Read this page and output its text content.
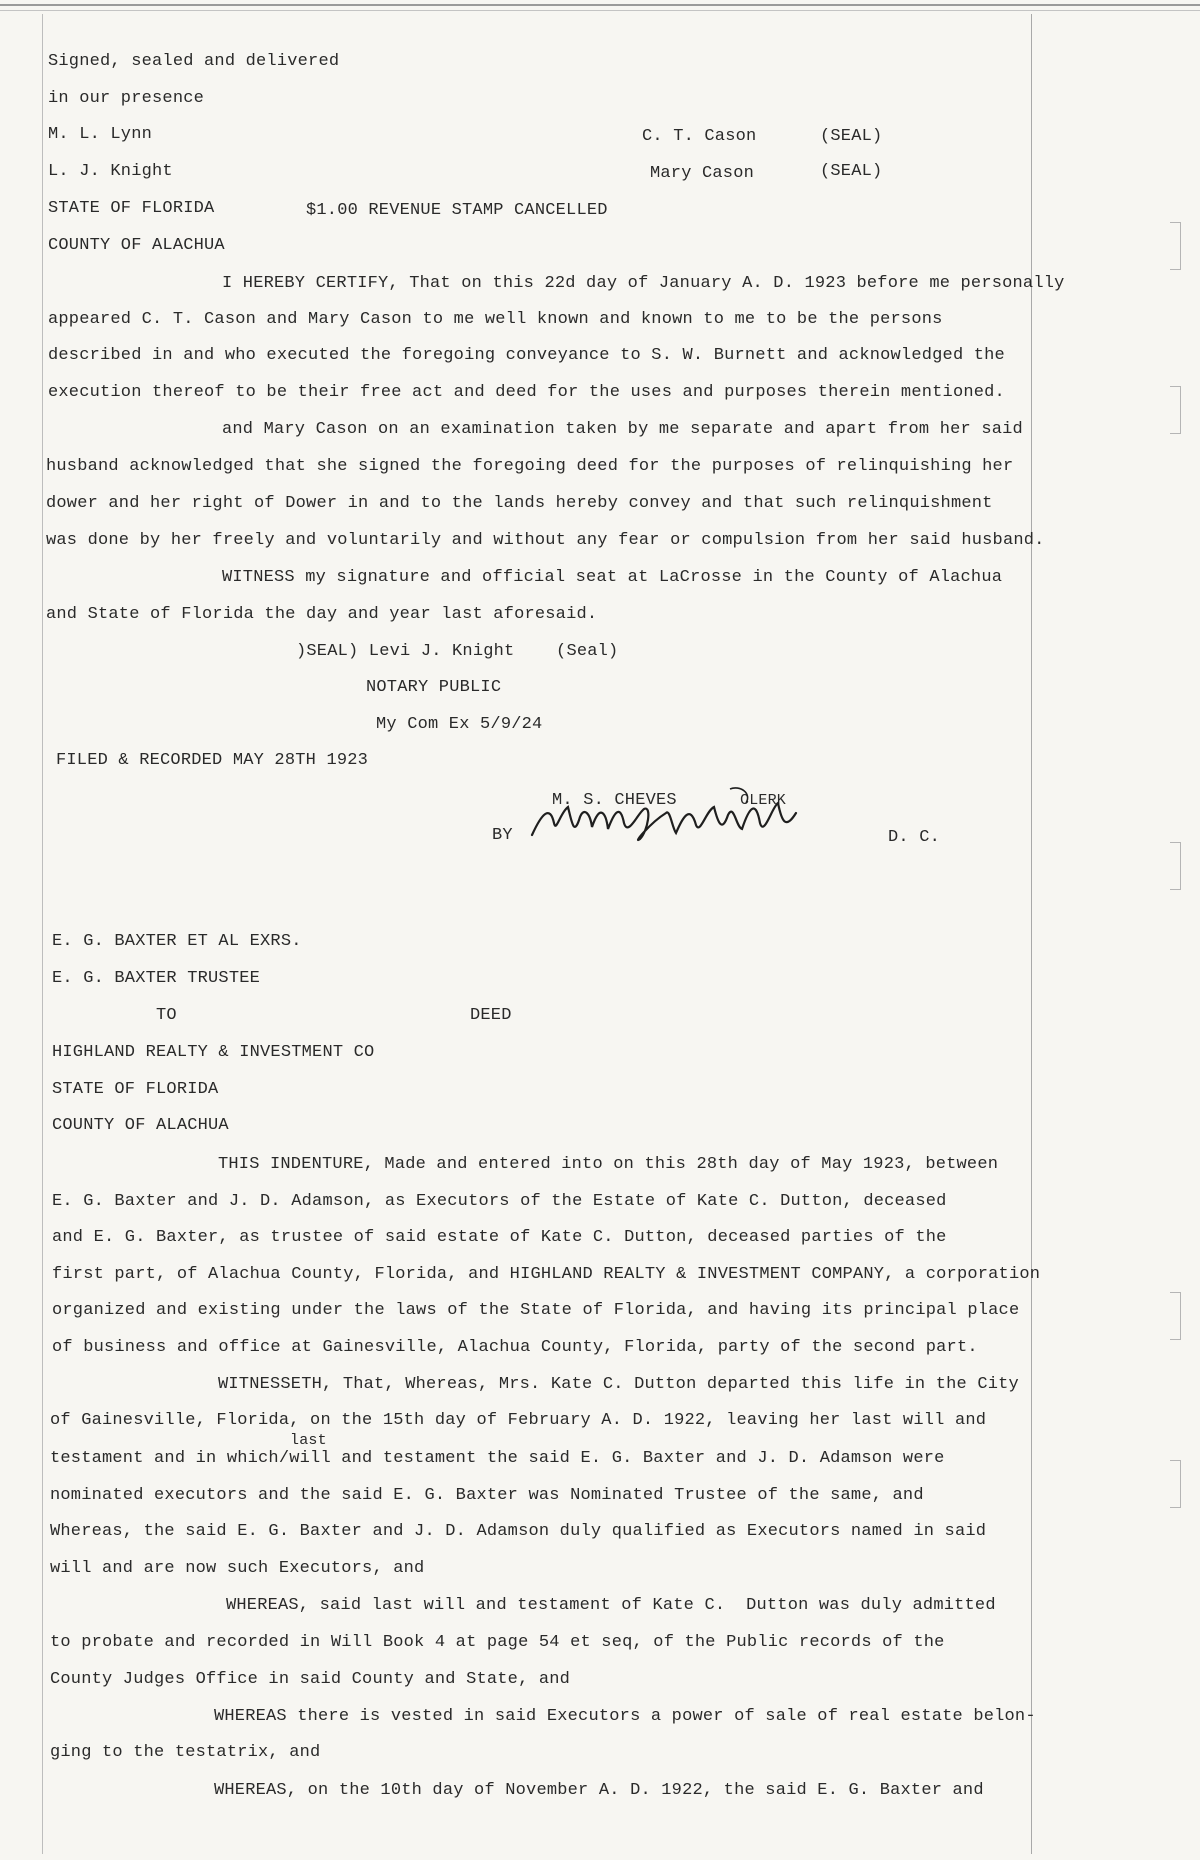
Signed, sealed and delivered
in our presence
M. L. Lynn	C. T. Cason	(SEAL)
L. J. Knight	Mary Cason	(SEAL)
STATE OF FLORIDA	$1.00 REVENUE STAMP CANCELLED
COUNTY OF ALACHUA
I HEREBY CERTIFY, That on this 22d day of January A. D. 1923 before me personally
appeared C. T. Cason and Mary Cason to me well known and known to me to be the persons
described in and who executed the foregoing conveyance to S. W. Burnett and acknowledged the
execution thereof to be their free act and deed for the uses and purposes therein mentioned.
and Mary Cason on an examination taken by me separate and apart from her said
husband acknowledged that she signed the foregoing deed for the purposes of relinquishing her
dower and her right of Dower in and to the lands hereby convey and that such relinquishment
was done by her freely and voluntarily and without any fear or compulsion from her said husband.
WITNESS my signature and official seat at LaCrosse in the County of Alachua
and State of Florida the day and year last aforesaid.
)SEAL) Levi J. Knight    (Seal)
NOTARY PUBLIC
My Com Ex 5/9/24
FILED & RECORDED MAY 28TH 1923
M. S. CHEVES	CLERK
BY	D. C.
E. G. BAXTER ET AL EXRS.
E. G. BAXTER TRUSTEE
TO	DEED
HIGHLAND REALTY & INVESTMENT CO
STATE OF FLORIDA
COUNTY OF ALACHUA
THIS INDENTURE, Made and entered into on this 28th day of May 1923, between
E. G. Baxter and J. D. Adamson, as Executors of the Estate of Kate C. Dutton, deceased
and E. G. Baxter, as trustee of said estate of Kate C. Dutton, deceased parties of the
first part, of Alachua County, Florida, and HIGHLAND REALTY & INVESTMENT COMPANY, a corporation
organized and existing under the laws of the State of Florida, and having its principal place
of business and office at Gainesville, Alachua County, Florida, party of the second part.
WITNESSETH, That, Whereas, Mrs. Kate C. Dutton departed this life in the City
of Gainesville, Florida, on the 15th day of February A. D. 1922, leaving her last will and
last
testament and in which/will and testament the said E. G. Baxter and J. D. Adamson were
nominated executors and the said E. G. Baxter was Nominated Trustee of the same, and
Whereas, the said E. G. Baxter and J. D. Adamson duly qualified as Executors named in said
will and are now such Executors, and
WHEREAS, said last will and testament of Kate C.  Dutton was duly admitted
to probate and recorded in Will Book 4 at page 54 et seq, of the Public records of the
County Judges Office in said County and State, and
WHEREAS there is vested in said Executors a power of sale of real estate belon-
ging to the testatrix, and
WHEREAS, on the 10th day of November A. D. 1922, the said E. G. Baxter and
